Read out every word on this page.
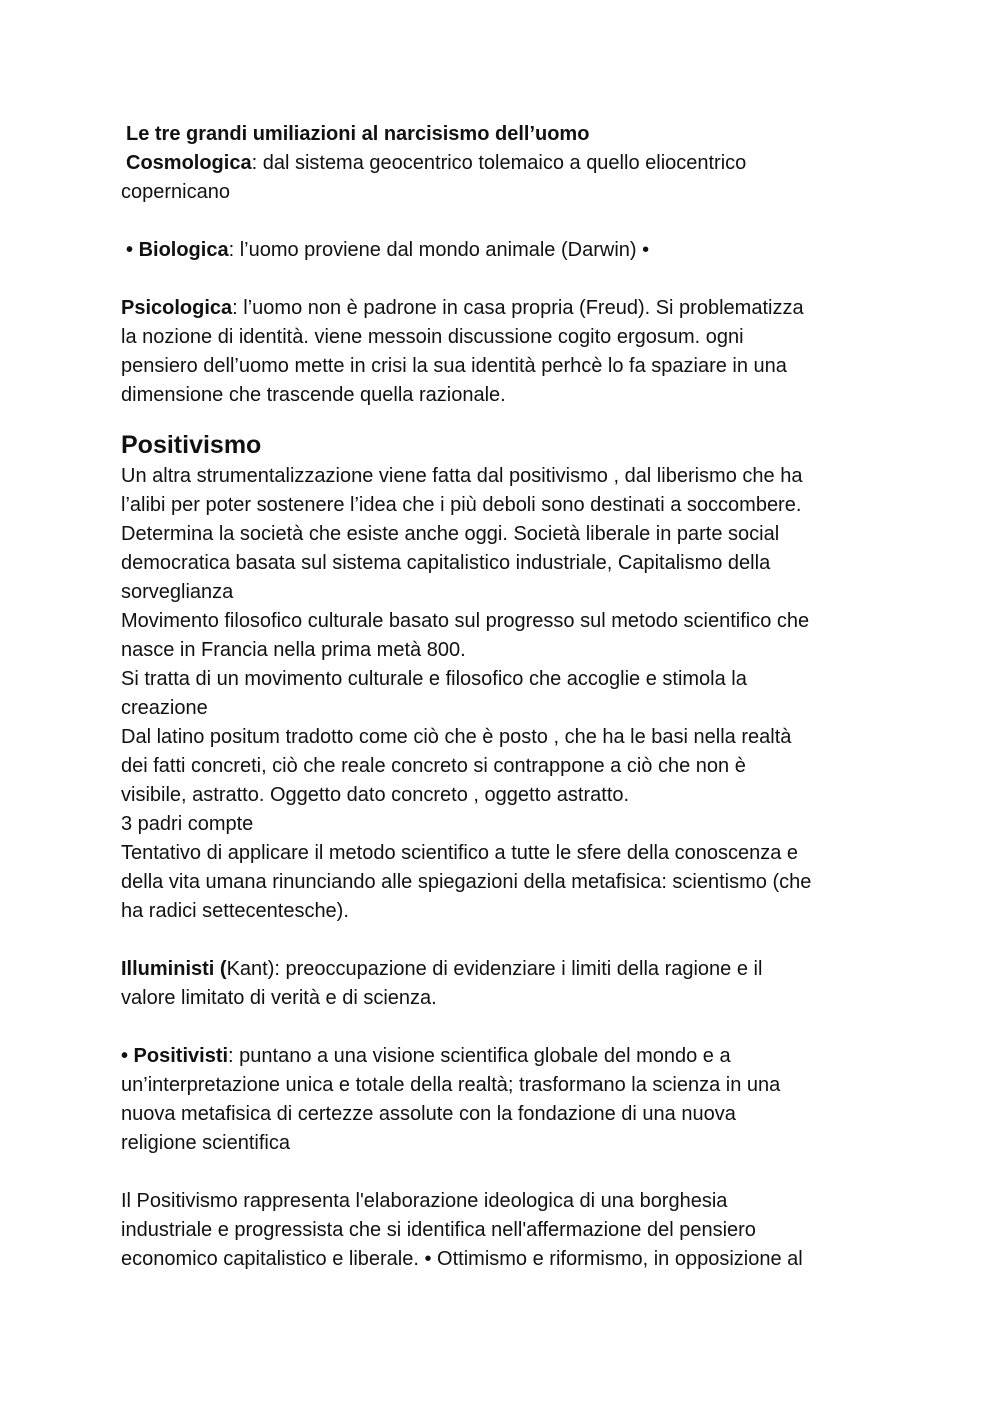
Le tre grandi umiliazioni al narcisismo dell’uomo
Cosmologica: dal sistema geocentrico tolemaico a quello eliocentrico
copernicano
• Biologica: l’uomo proviene dal mondo animale (Darwin) •
Psicologica: l’uomo non è padrone in casa propria (Freud). Si problematizza
la nozione di identità. viene messoin discussione cogito ergosum. ogni
pensiero dell’uomo mette in crisi la sua identità perhcè lo fa spaziare in una
dimensione che trascende quella razionale.
Positivismo
Un altra strumentalizzazione viene fatta dal positivismo , dal liberismo che ha
l’alibi per poter sostenere l’idea che i più deboli sono destinati a soccombere.
Determina la società che esiste anche oggi. Società liberale in parte social
democratica basata sul sistema capitalistico industriale, Capitalismo della
sorveglianza
Movimento filosofico culturale basato sul progresso sul metodo scientifico che
nasce in Francia nella prima metà 800.
Si tratta di un movimento culturale e filosofico che accoglie e stimola la
creazione
Dal latino positum tradotto come ciò che è posto , che ha le basi nella realtà
dei fatti concreti, ciò che reale concreto si contrappone a ciò che non è
visibile, astratto. Oggetto dato concreto , oggetto astratto.
3 padri compte
Tentativo di applicare il metodo scientifico a tutte le sfere della conoscenza e
della vita umana rinunciando alle spiegazioni della metafisica: scientismo (che
ha radici settecentesche).
Illuministi (Kant): preoccupazione di evidenziare i limiti della ragione e il
valore limitato di verità e di scienza.
• Positivisti: puntano a una visione scientifica globale del mondo e a
un’interpretazione unica e totale della realtà; trasformano la scienza in una
nuova metafisica di certezze assolute con la fondazione di una nuova
religione scientifica
Il Positivismo rappresenta l'elaborazione ideologica di una borghesia
industriale e progressista che si identifica nell'affermazione del pensiero
economico capitalistico e liberale. • Ottimismo e riformismo, in opposizione al
